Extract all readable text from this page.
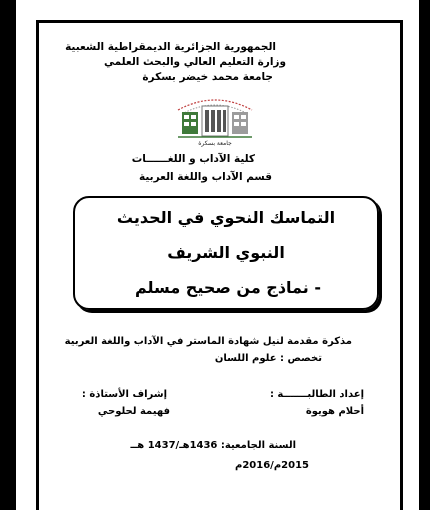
الجمهورية الجزائرية الديمقراطية الشعبية
وزارة التعليم العالي والبحث العلمي
جامعة محمد خيضر بسكرة
جامعة بسكرة
كلية الآداب و اللغــــــات
قسم الآداب واللغة العربية
التماسك النحوي في الحديث
النبوي الشريف
- نماذج من صحيح مسلم
مذكرة مقدمة لنيل شهادة الماستر في الآداب واللغة العربية
تخصص : علوم اللسان
إعداد الطالبـــــــة :
أحلام هويوة
إشراف الأستاذة :
فهيمة لحلوحي
السنة الجامعية: 1436هـ/1437 هــ
2015م/2016م
